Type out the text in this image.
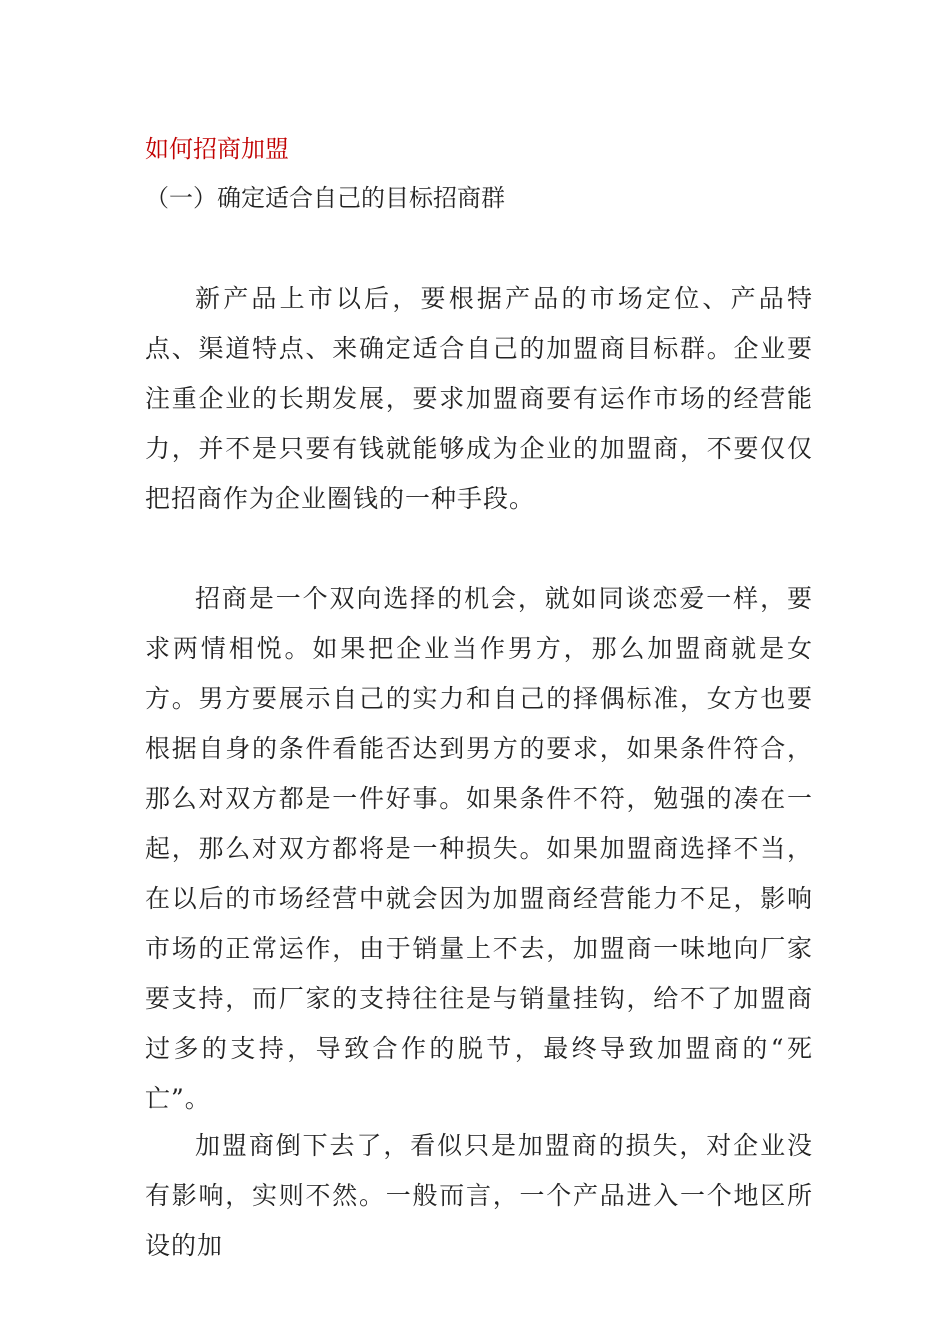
如何招商加盟
（一）确定适合自己的目标招商群

新产品上市以后，要根据产品的市场定位、产品特点、渠道特点、来确定适合自己的加盟商目标群。企业要注重企业的长期发展，要求加盟商要有运作市场的经营能力，并不是只要有钱就能够成为企业的加盟商，不要仅仅把招商作为企业圈钱的一种手段。

招商是一个双向选择的机会，就如同谈恋爱一样，要求两情相悦。如果把企业当作男方，那么加盟商就是女方。男方要展示自己的实力和自己的择偶标准，女方也要根据自身的条件看能否达到男方的要求，如果条件符合，那么对双方都是一件好事。如果条件不符，勉强的凑在一起，那么对双方都将是一种损失。如果加盟商选择不当，在以后的市场经营中就会因为加盟商经营能力不足，影响市场的正常运作，由于销量上不去，加盟商一味地向厂家要支持，而厂家的支持往往是与销量挂钩，给不了加盟商过多的支持，导致合作的脱节，最终导致加盟商的“死亡”。

加盟商倒下去了，看似只是加盟商的损失，对企业没有影响，实则不然。一般而言，一个产品进入一个地区所设的加
